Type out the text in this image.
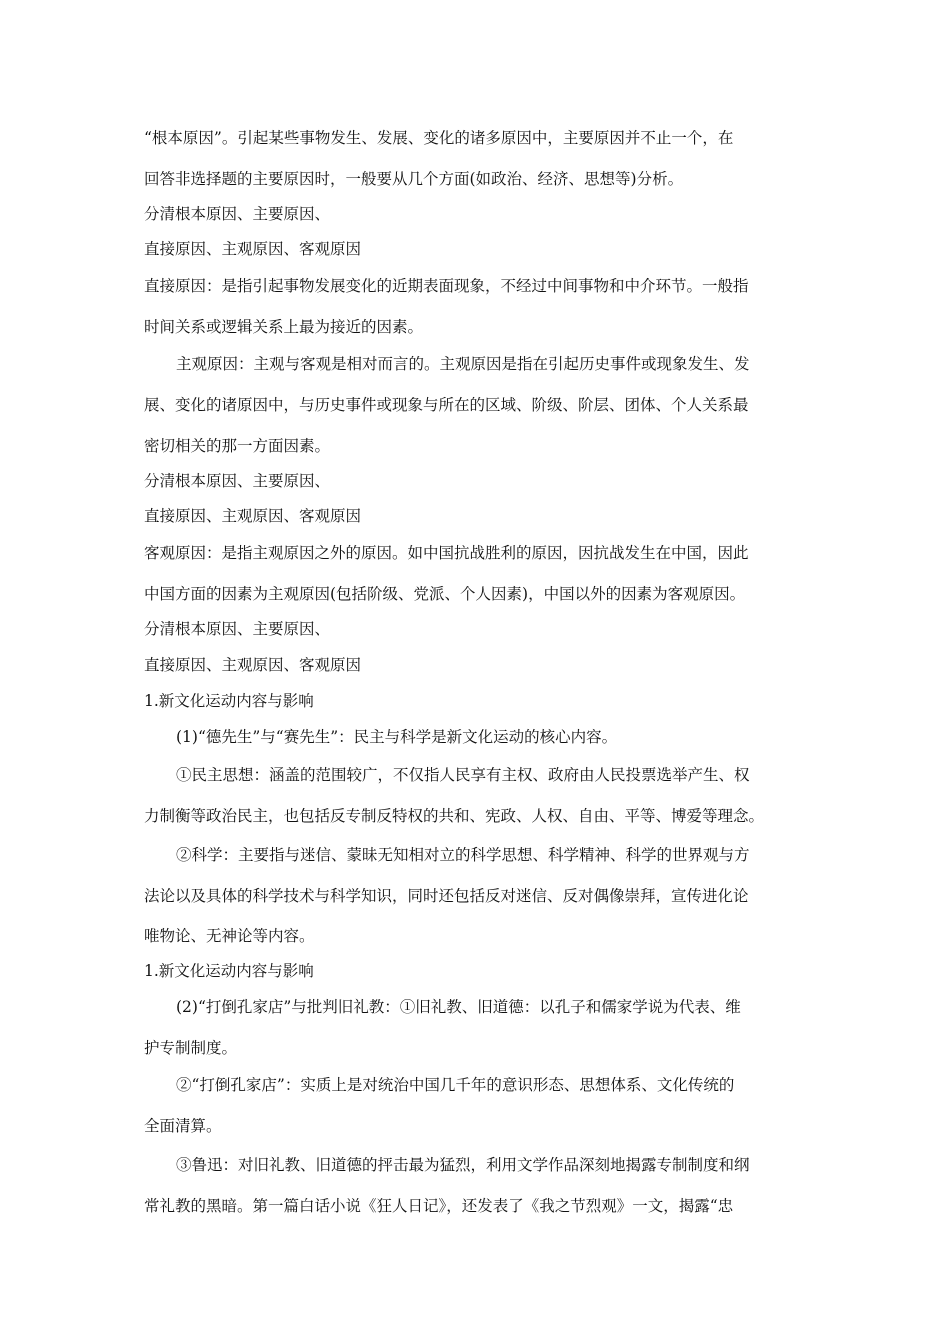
“根本原因”。引起某些事物发生、发展、变化的诸多原因中，主要原因并不止一个，在
回答非选择题的主要原因时，一般要从几个方面(如政治、经济、思想等)分析。
分清根本原因、主要原因、
直接原因、主观原因、客观原因
直接原因：是指引起事物发展变化的近期表面现象，不经过中间事物和中介环节。一般指
时间关系或逻辑关系上最为接近的因素。
主观原因：主观与客观是相对而言的。主观原因是指在引起历史事件或现象发生、发
展、变化的诸原因中，与历史事件或现象与所在的区域、阶级、阶层、团体、个人关系最
密切相关的那一方面因素。
分清根本原因、主要原因、
直接原因、主观原因、客观原因
客观原因：是指主观原因之外的原因。如中国抗战胜利的原因，因抗战发生在中国，因此
中国方面的因素为主观原因(包括阶级、党派、个人因素)，中国以外的因素为客观原因。
分清根本原因、主要原因、
直接原因、主观原因、客观原因
1.新文化运动内容与影响
(1)“德先生”与“赛先生”：民主与科学是新文化运动的核心内容。
①民主思想：涵盖的范围较广，不仅指人民享有主权、政府由人民投票选举产生、权
力制衡等政治民主，也包括反专制反特权的共和、宪政、人权、自由、平等、博爱等理念。
②科学：主要指与迷信、蒙昧无知相对立的科学思想、科学精神、科学的世界观与方
法论以及具体的科学技术与科学知识，同时还包括反对迷信、反对偶像崇拜，宣传进化论
唯物论、无神论等内容。
1.新文化运动内容与影响
(2)“打倒孔家店”与批判旧礼教：①旧礼教、旧道德：以孔子和儒家学说为代表、维
护专制制度。
②“打倒孔家店”：实质上是对统治中国几千年的意识形态、思想体系、文化传统的
全面清算。
③鲁迅：对旧礼教、旧道德的抨击最为猛烈，利用文学作品深刻地揭露专制制度和纲
常礼教的黑暗。第一篇白话小说《狂人日记》，还发表了《我之节烈观》一文，揭露“忠
